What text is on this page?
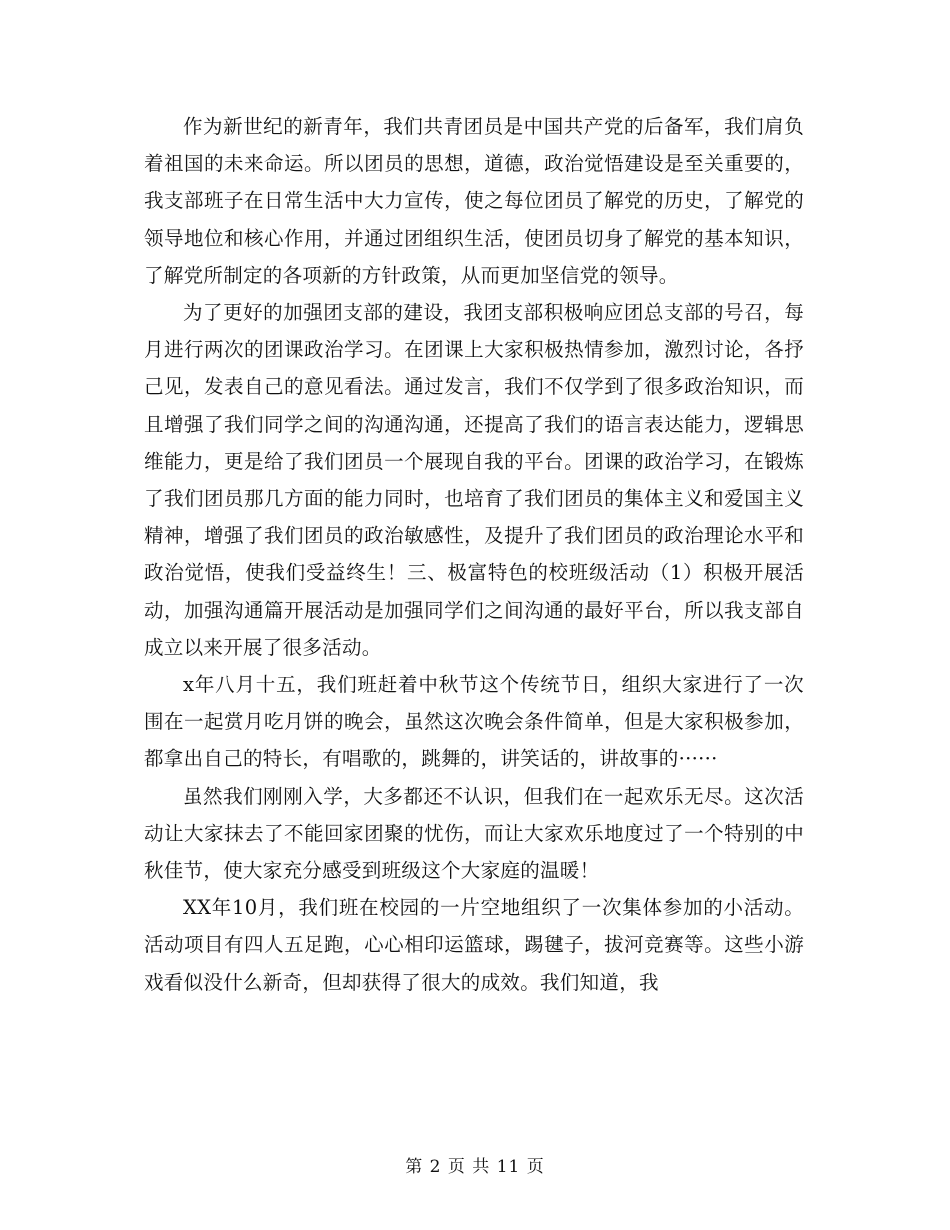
作为新世纪的新青年，我们共青团员是中国共产党的后备军，我们肩负着祖国的未来命运。所以团员的思想，道德，政治觉悟建设是至关重要的，我支部班子在日常生活中大力宣传，使之每位团员了解党的历史，了解党的领导地位和核心作用，并通过团组织生活，使团员切身了解党的基本知识，了解党所制定的各项新的方针政策，从而更加坚信党的领导。

为了更好的加强团支部的建设，我团支部积极响应团总支部的号召，每月进行两次的团课政治学习。在团课上大家积极热情参加，激烈讨论，各抒己见，发表自己的意见看法。通过发言，我们不仅学到了很多政治知识，而且增强了我们同学之间的沟通沟通，还提高了我们的语言表达能力，逻辑思维能力，更是给了我们团员一个展现自我的平台。团课的政治学习，在锻炼了我们团员那几方面的能力同时，也培育了我们团员的集体主义和爱国主义精神，增强了我们团员的政治敏感性，及提升了我们团员的政治理论水平和政治觉悟，使我们受益终生！三、极富特色的校班级活动（1）积极开展活动，加强沟通篇开展活动是加强同学们之间沟通的最好平台，所以我支部自成立以来开展了很多活动。

x年八月十五，我们班赶着中秋节这个传统节日，组织大家进行了一次围在一起赏月吃月饼的晚会，虽然这次晚会条件简单，但是大家积极参加，都拿出自己的特长，有唱歌的，跳舞的，讲笑话的，讲故事的······

虽然我们刚刚入学，大多都还不认识，但我们在一起欢乐无尽。这次活动让大家抹去了不能回家团聚的忧伤，而让大家欢乐地度过了一个特别的中秋佳节，使大家充分感受到班级这个大家庭的温暖！

XX年10月，我们班在校园的一片空地组织了一次集体参加的小活动。活动项目有四人五足跑，心心相印运篮球，踢毽子，拔河竞赛等。这些小游戏看似没什么新奇，但却获得了很大的成效。我们知道，我

第 2 页 共 11 页
